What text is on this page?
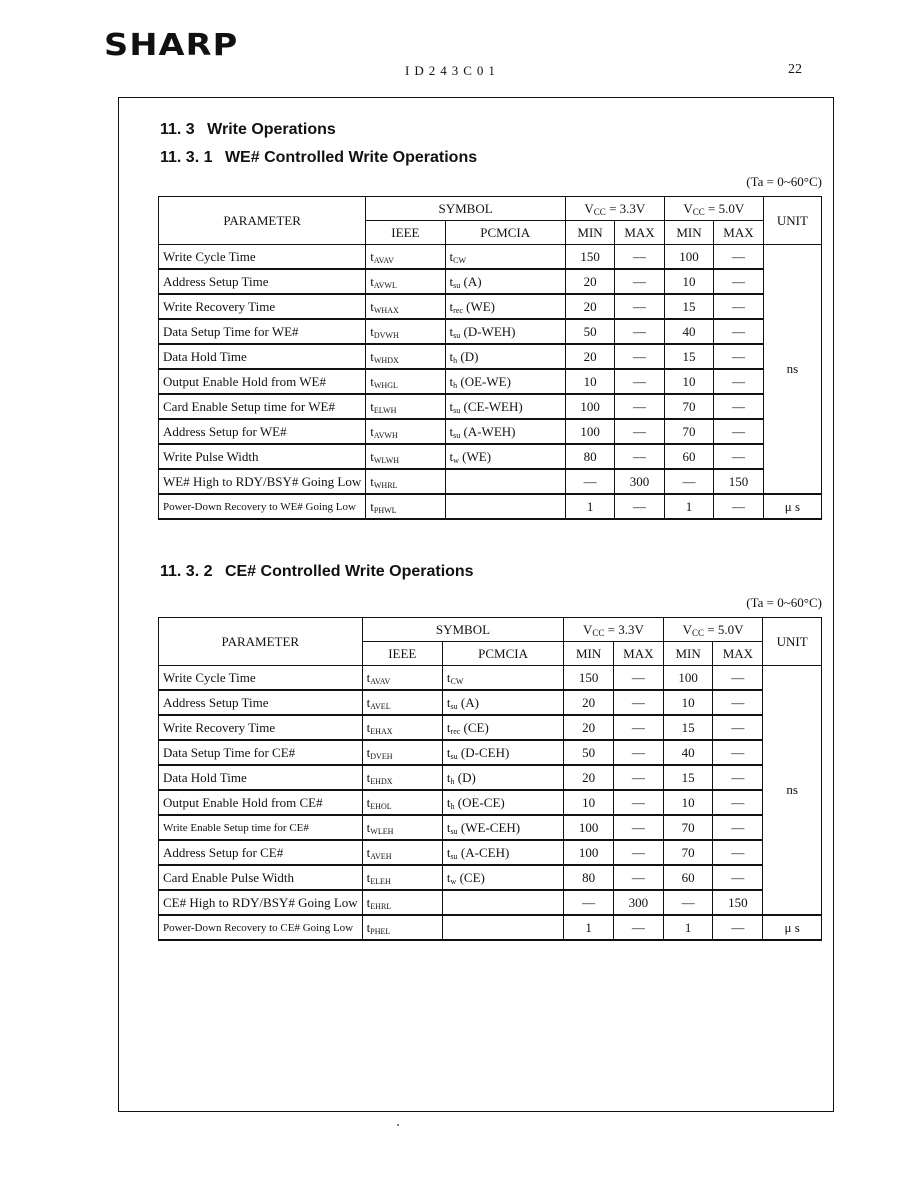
SHARP
ID243C01	22
11. 3 Write Operations
11. 3. 1 WE# Controlled Write Operations
(Ta = 0~60°C)
PARAMETER	SYMBOL		$V_{CC} = 3.3V$		$V_{CC} = 5.0V$		UNIT
	IEEE	PCMCIA	MIN	MAX	MIN	MAX	
Write Cycle Time	$t_{AVAV}$	$t_{CW}$	150	—	100	—	ns
Address Setup Time	$t_{AVWL}$	$t_{su}$ (A)	20	—	10	—	
Write Recovery Time	$t_{WHAX}$	$t_{rec}$ (WE)	20	—	15	—	
Data Setup Time for WE#	$t_{DVWH}$	$t_{su}$ (D-WEH)	50	—	40	—	
Data Hold Time	$t_{WHDX}$	$t_h$ (D)	20	—	15	—	
Output Enable Hold from WE#	$t_{WHGL}$	$t_h$ (OE-WE)	10	—	10	—	
Card Enable Setup time for WE#	$t_{ELWH}$	$t_{su}$ (CE-WEH)	100	—	70	—	
Address Setup for WE#	$t_{AVWH}$	$t_{su}$ (A-WEH)	100	—	70	—	
Write Pulse Width	$t_{WLWH}$	$t_w$ (WE)	80	—	60	—	
WE# High to RDY/BSY# Going Low	$t_{WHRL}$		—	300	—	150	
Power-Down Recovery to WE# Going Low	$t_{PHWL}$		1	—	1	—	μ s
11. 3. 2 CE# Controlled Write Operations
(Ta = 0~60°C)
PARAMETER	SYMBOL		$V_{CC} = 3.3V$		$V_{CC} = 5.0V$		UNIT
	IEEE	PCMCIA	MIN	MAX	MIN	MAX	
Write Cycle Time	$t_{AVAV}$	$t_{CW}$	150	—	100	—	ns
Address Setup Time	$t_{AVEL}$	$t_{su}$ (A)	20	—	10	—	
Write Recovery Time	$t_{EHAX}$	$t_{rec}$ (CE)	20	—	15	—	
Data Setup Time for CE#	$t_{DVEH}$	$t_{su}$ (D-CEH)	50	—	40	—	
Data Hold Time	$t_{EHDX}$	$t_h$ (D)	20	—	15	—	
Output Enable Hold from CE#	$t_{EHOL}$	$t_h$ (OE-CE)	10	—	10	—	
Write Enable Setup time for CE#	$t_{WLEH}$	$t_{su}$ (WE-CEH)	100	—	70	—	
Address Setup for CE#	$t_{AVEH}$	$t_{su}$ (A-CEH)	100	—	70	—	
Card Enable Pulse Width	$t_{ELEH}$	$t_w$ (CE)	80	—	60	—	
CE# High to RDY/BSY# Going Low	$t_{EHRL}$		—	300	—	150	
Power-Down Recovery to CE# Going Low	$t_{PHEL}$		1	—	1	—	μ s
